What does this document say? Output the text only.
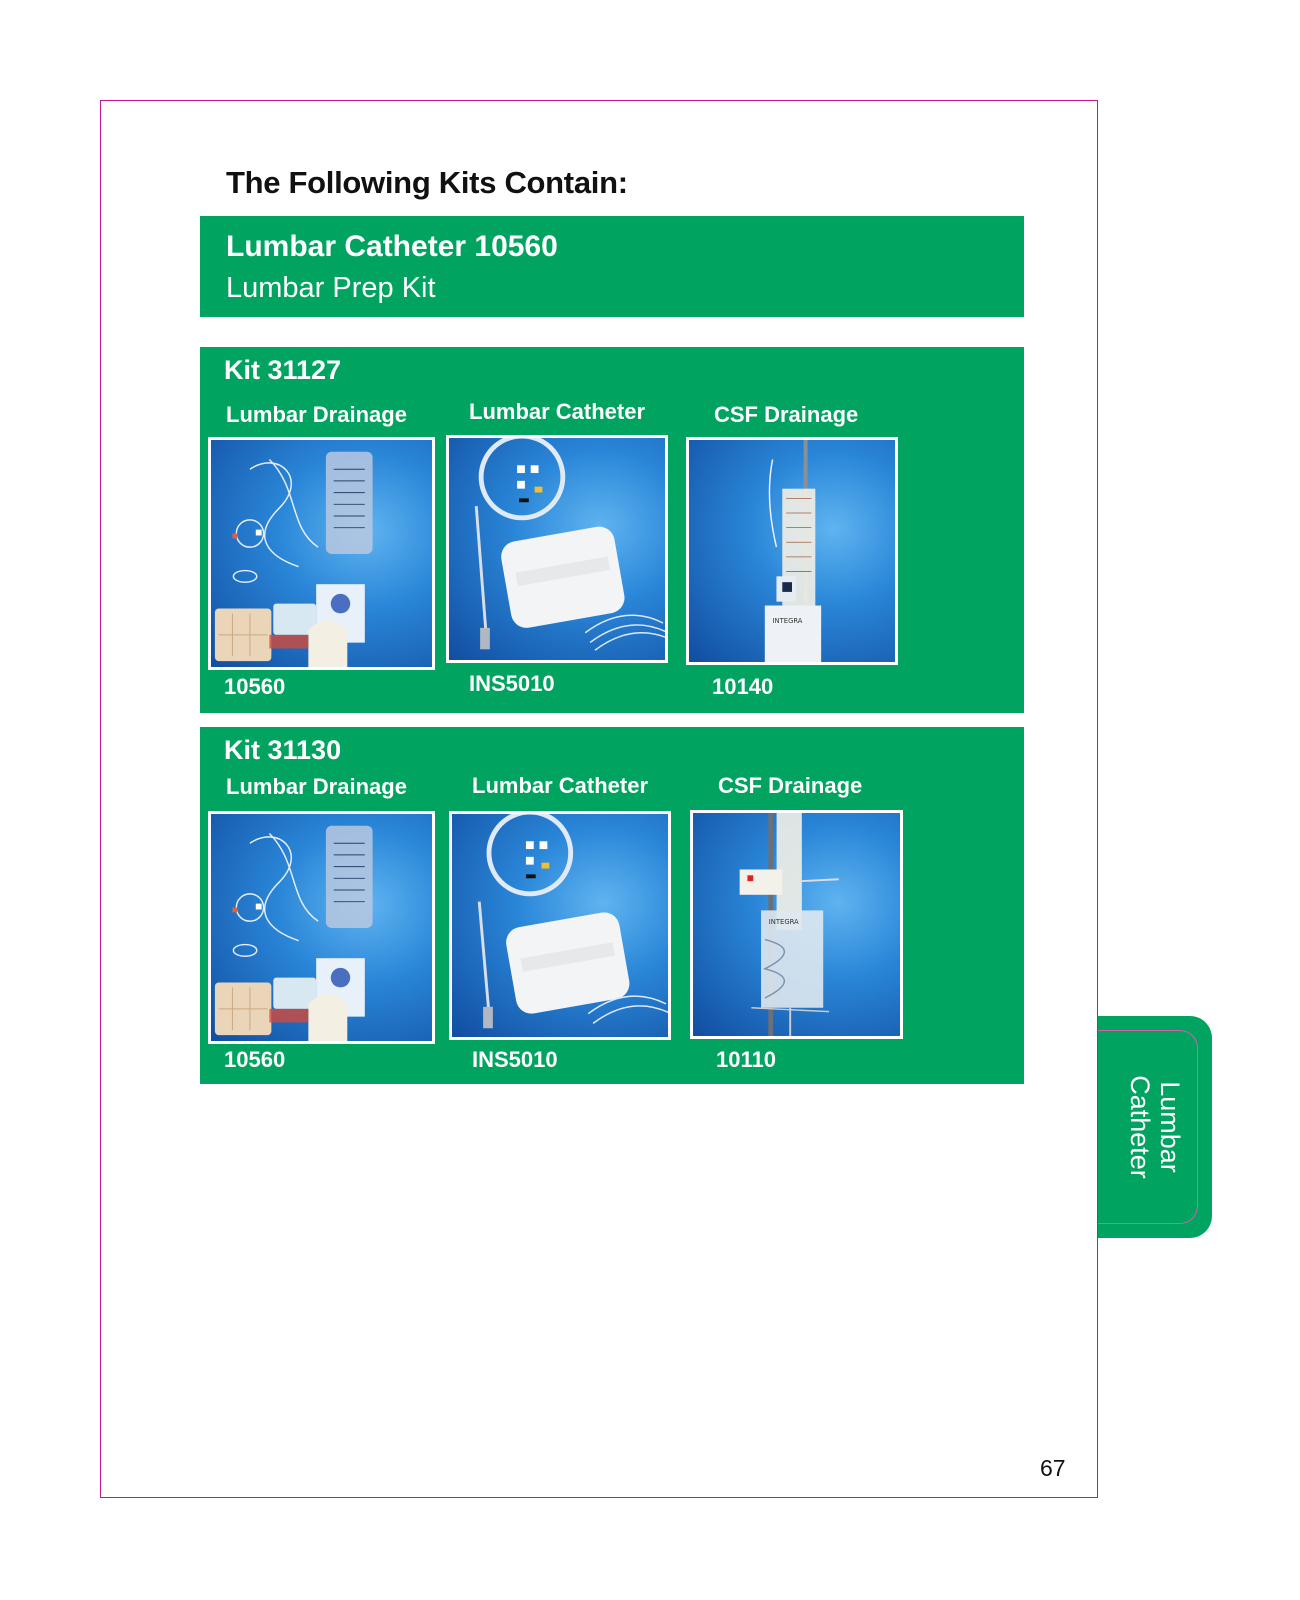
The Following Kits Contain:
Lumbar Catheter 10560
Lumbar Prep Kit
Kit 31127
Lumbar Drainage	Lumbar Catheter	CSF Drainage
INTEGRA
10560	INS5010	10140
Kit 31130
Lumbar Drainage	Lumbar Catheter	CSF Drainage
INTEGRA
10560	INS5010	10110
Lumbar
Catheter
67
